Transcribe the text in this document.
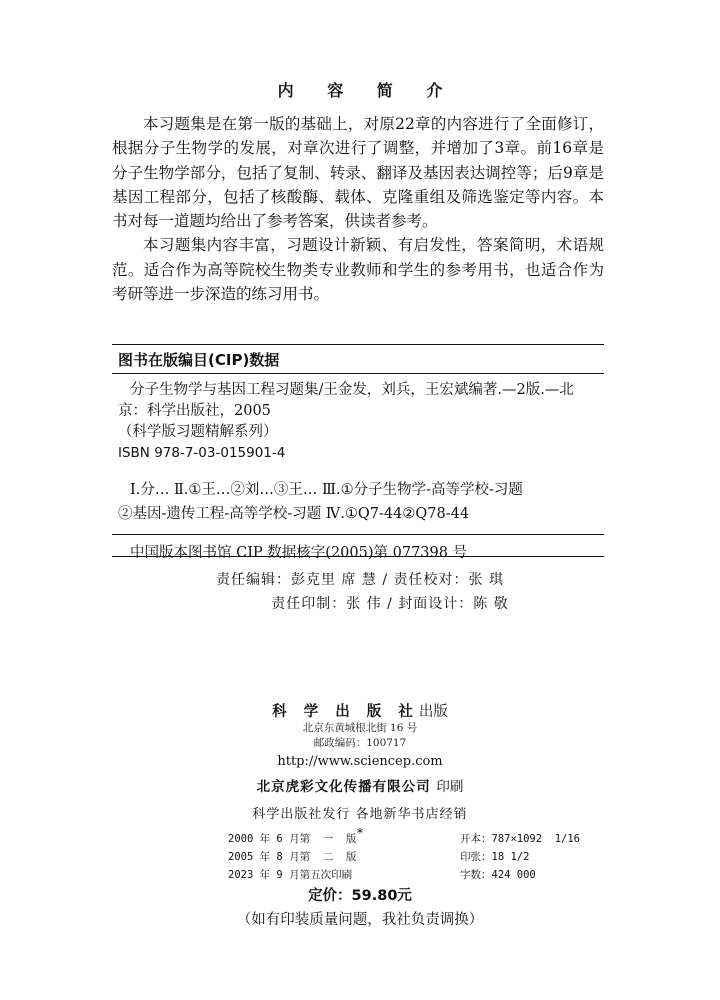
内 容 简 介

本习题集是在第一版的基础上，对原22章的内容进行了全面修订，根据分子生物学的发展，对章次进行了调整，并增加了3章。前16章是分子生物学部分，包括了复制、转录、翻译及基因表达调控等；后9章是基因工程部分，包括了核酸酶、载体、克隆重组及筛选鉴定等内容。本书对每一道题均给出了参考答案，供读者参考。

本习题集内容丰富，习题设计新颖、有启发性，答案简明，术语规范。适合作为高等院校生物类专业教师和学生的参考用书，也适合作为考研等进一步深造的练习用书。

图书在版编目(CIP)数据
分子生物学与基因工程习题集/王金发，刘兵，王宏斌编著.—2版.—北
京：科学出版社，2005
（科学版习题精解系列）
ISBN 978-7-03-015901-4
Ⅰ.分… Ⅱ.①王…②刘…③王… Ⅲ.①分子生物学-高等学校-习题
②基因-遗传工程-高等学校-习题 Ⅳ.①Q7-44②Q78-44
中国版本图书馆 CIP 数据核字(2005)第 077398 号
责任编辑：彭克里 席 慧 / 责任校对：张 琪
责任印制：张 伟 / 封面设计：陈 敬
科 学 出 版 社出版
北京东黄城根北街 16 号
邮政编码：100717
http://www.sciencep.com
北京虎彩文化传播有限公司 印刷
科学出版社发行 各地新华书店经销
*
2000 年 6 月第  一  版	开本：787×1092  1/16
2005 年 8 月第  二  版	印张：18 1/2
2023 年 9 月第五次印刷	字数：424 000
定价：59.80元
（如有印装质量问题，我社负责调换）
